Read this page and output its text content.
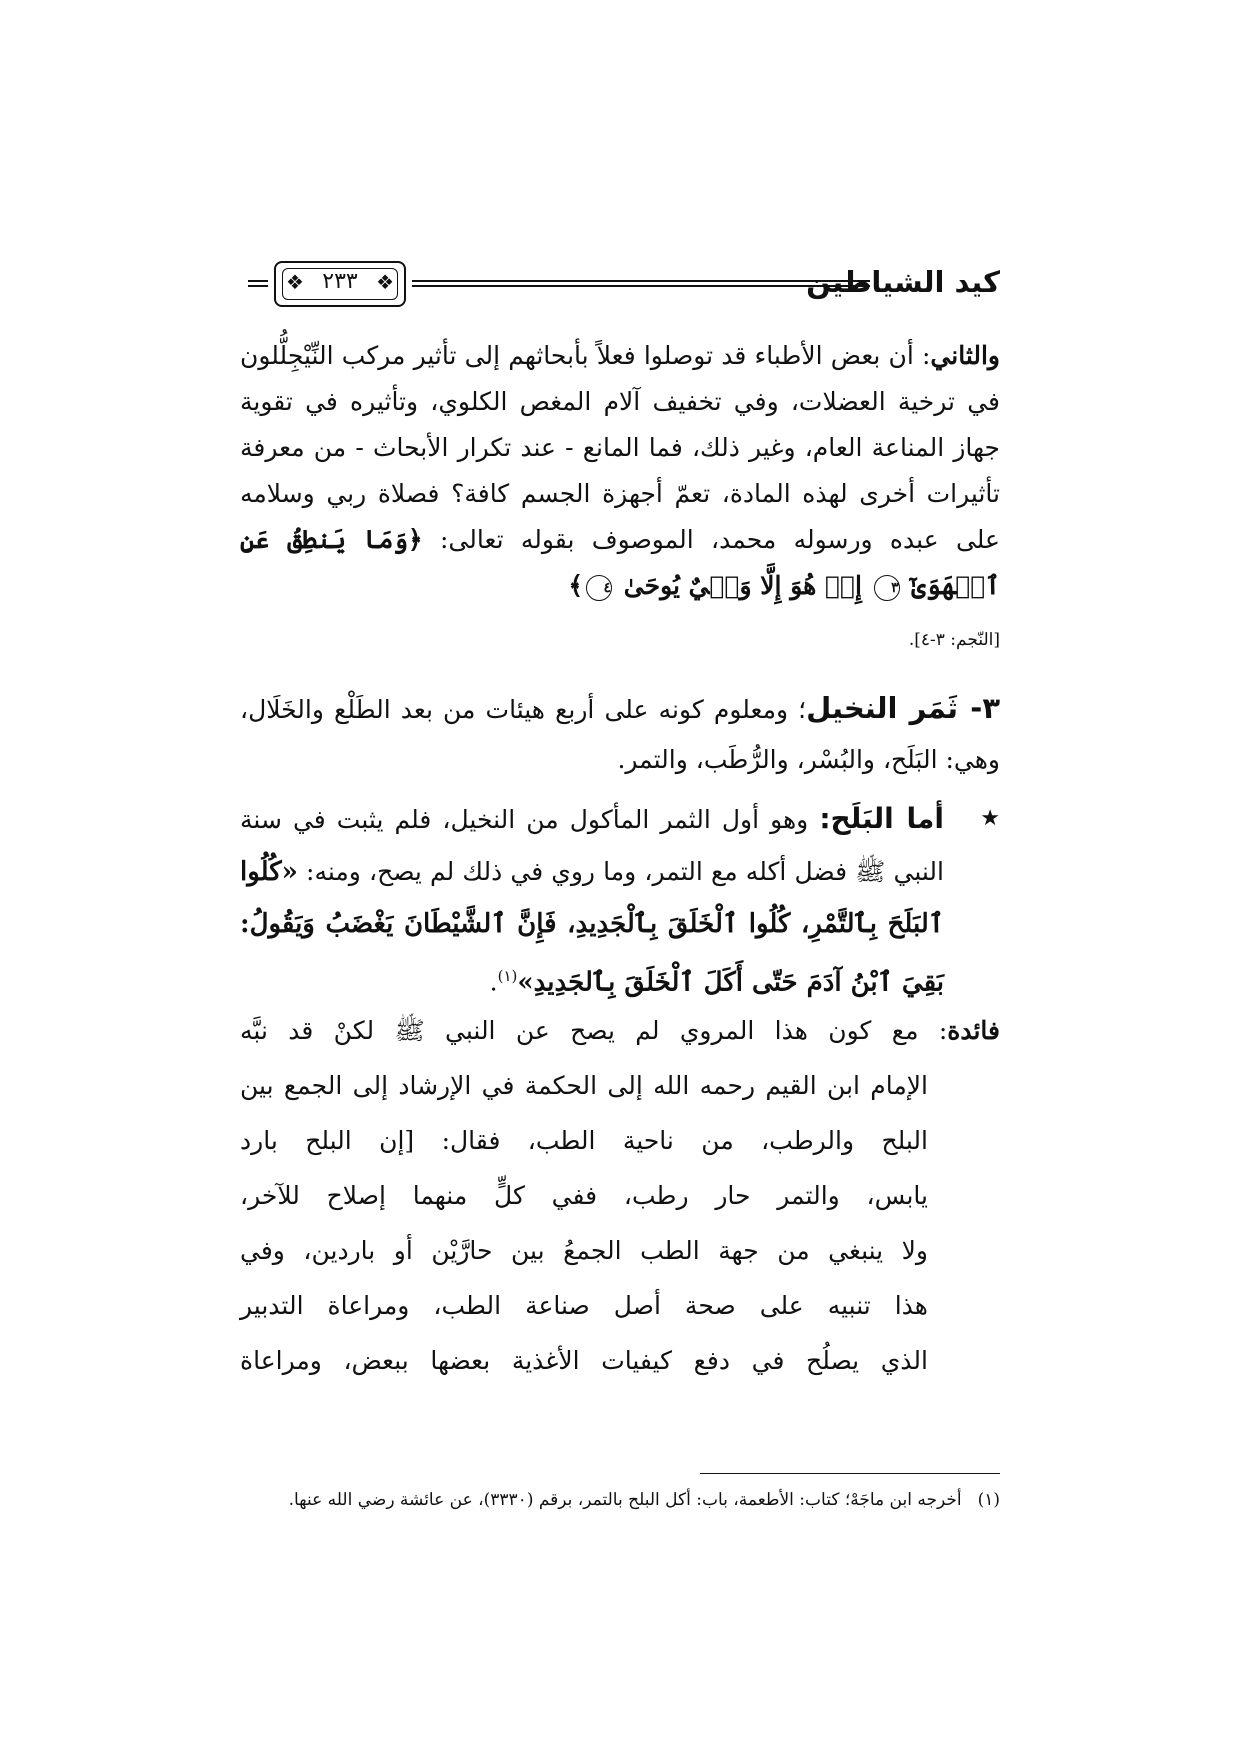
كيد الشياطين
❖
❖ ٢٣٣
والثاني: أن بعض الأطباء قد توصلوا فعلاً بأبحاثهم إلى تأثير مركب النِّيْجِلُّلون في ترخية العضلات، وفي تخفيف آلام المغص الكلوي، وتأثيره في تقوية جهاز المناعة العام، وغير ذلك، فما المانع - عند تكرار الأبحاث - من معرفة تأثيرات أخرى لهذه المادة، تعمّ أجهزة الجسم كافة؟ فصلاة ربي وسلامه على عبده ورسوله محمد، الموصوف بقوله تعالى: ﴿وَمَا يَنطِقُ عَنِ ٱلۡهَوَىٰٓ ٣ إِنۡ هُوَ إِلَّا وَحۡيٌ يُوحَىٰ ٤﴾
[النّجم: ٣-٤].
٣- ثَمَر النخيل؛ ومعلوم كونه على أربع هيئات من بعد الطَلْع والخَلَال، وهي: البَلَح، والبُسْر، والرُّطَب، والتمر.
★
أما البَلَح: وهو أول الثمر المأكول من النخيل، فلم يثبت في سنة النبي ﷺ فضل أكله مع التمر، وما روي في ذلك لم يصح، ومنه: «كُلُوا ٱلبَلَحَ بِٱلتَّمْرِ، كُلُوا ٱلْخَلَقَ بِٱلْجَدِيدِ، فَإِنَّ ٱلشَّيْطَانَ يَغْضَبُ وَيَقُولُ: بَقِيَ ٱبْنُ آدَمَ حَتّى أَكَلَ ٱلْخَلَقَ بِٱلجَدِيدِ»$^{(١)}$.
فائدة: مع كون هذا المروي لم يصح عن النبي ﷺ لكنْ قد نبَّه
الإمام ابن القيم رحمه الله إلى الحكمة في الإرشاد إلى الجمع بين
البلح والرطب، من ناحية الطب، فقال: [إن البلح بارد
يابس، والتمر حار رطب، ففي كلٍّ منهما إصلاح للآخر،
ولا ينبغي من جهة الطب الجمعُ بين حارَّيْن أو باردين، وفي
هذا تنبيه على صحة أصل صناعة الطب، ومراعاة التدبير
الذي يصلُح في دفع كيفيات الأغذية بعضها ببعض، ومراعاة
(١)أخرجه ابن ماجَهْ؛ كتاب: الأطعمة، باب: أكل البلح بالتمر، برقم (٣٣٣٠)، عن عائشة رضي الله عنها.
